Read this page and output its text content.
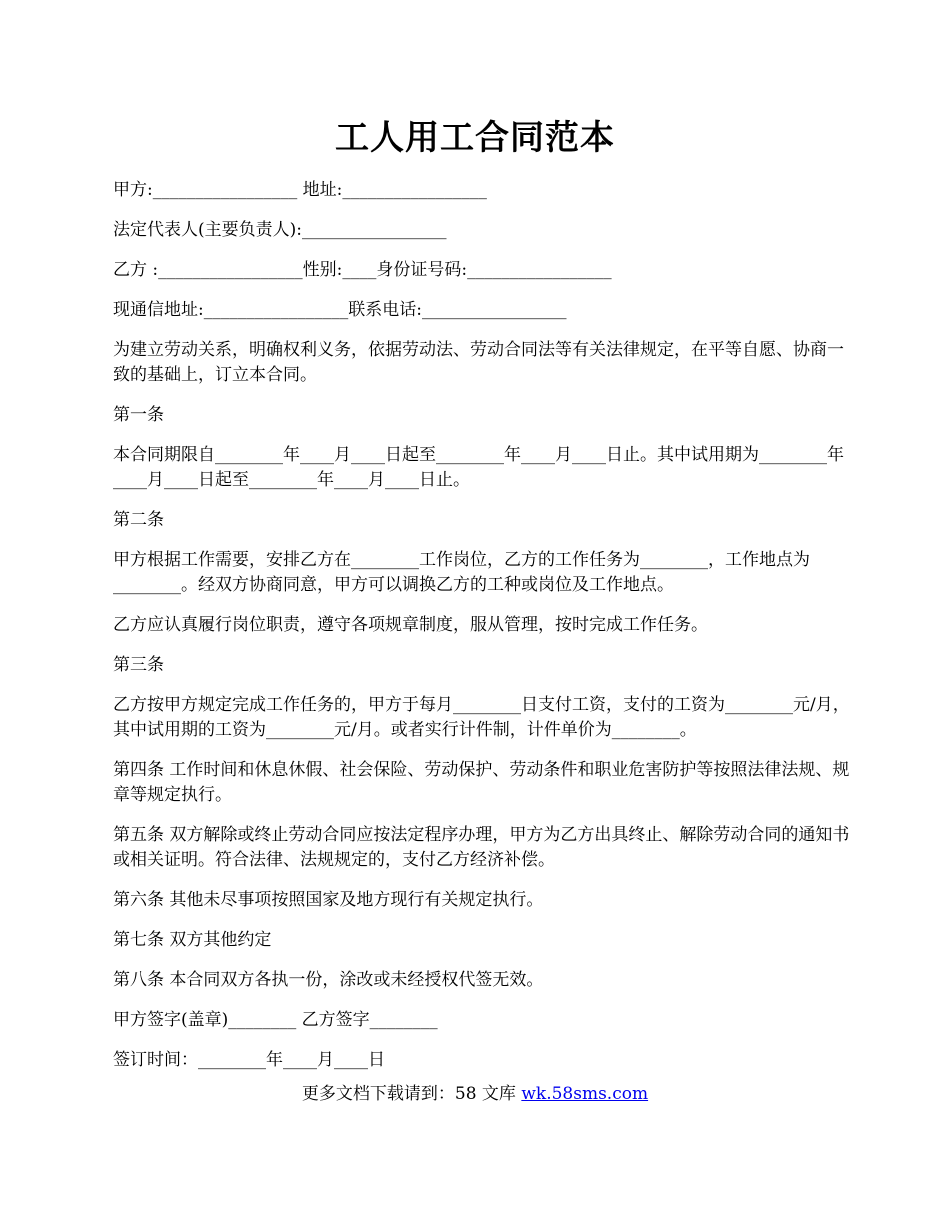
工人用工合同范本

甲方:_________________ 地址:_________________

法定代表人(主要负责人):_________________

乙方 :_________________性别:____身份证号码:_________________

现通信地址:_________________联系电话:_________________

为建立劳动关系，明确权利义务，依据劳动法、劳动合同法等有关法律规定，在平等自愿、协商一致的基础上，订立本合同。

第一条

本合同期限自________年____月____日起至________年____月____日止。其中试用期为________年____月____日起至________年____月____日止。

第二条

甲方根据工作需要，安排乙方在________工作岗位，乙方的工作任务为________，工作地点为________。经双方协商同意，甲方可以调换乙方的工种或岗位及工作地点。

乙方应认真履行岗位职责，遵守各项规章制度，服从管理，按时完成工作任务。

第三条

乙方按甲方规定完成工作任务的，甲方于每月________日支付工资，支付的工资为________元/月，其中试用期的工资为________元/月。或者实行计件制，计件单价为________。

第四条 工作时间和休息休假、社会保险、劳动保护、劳动条件和职业危害防护等按照法律法规、规章等规定执行。

第五条 双方解除或终止劳动合同应按法定程序办理，甲方为乙方出具终止、解除劳动合同的通知书或相关证明。符合法律、法规规定的，支付乙方经济补偿。

第六条 其他未尽事项按照国家及地方现行有关规定执行。

第七条 双方其他约定

第八条 本合同双方各执一份，涂改或未经授权代签无效。

甲方签字(盖章)________ 乙方签字________

签订时间：________年____月____日

更多文档下载请到：58 文库 wk.58sms.com
